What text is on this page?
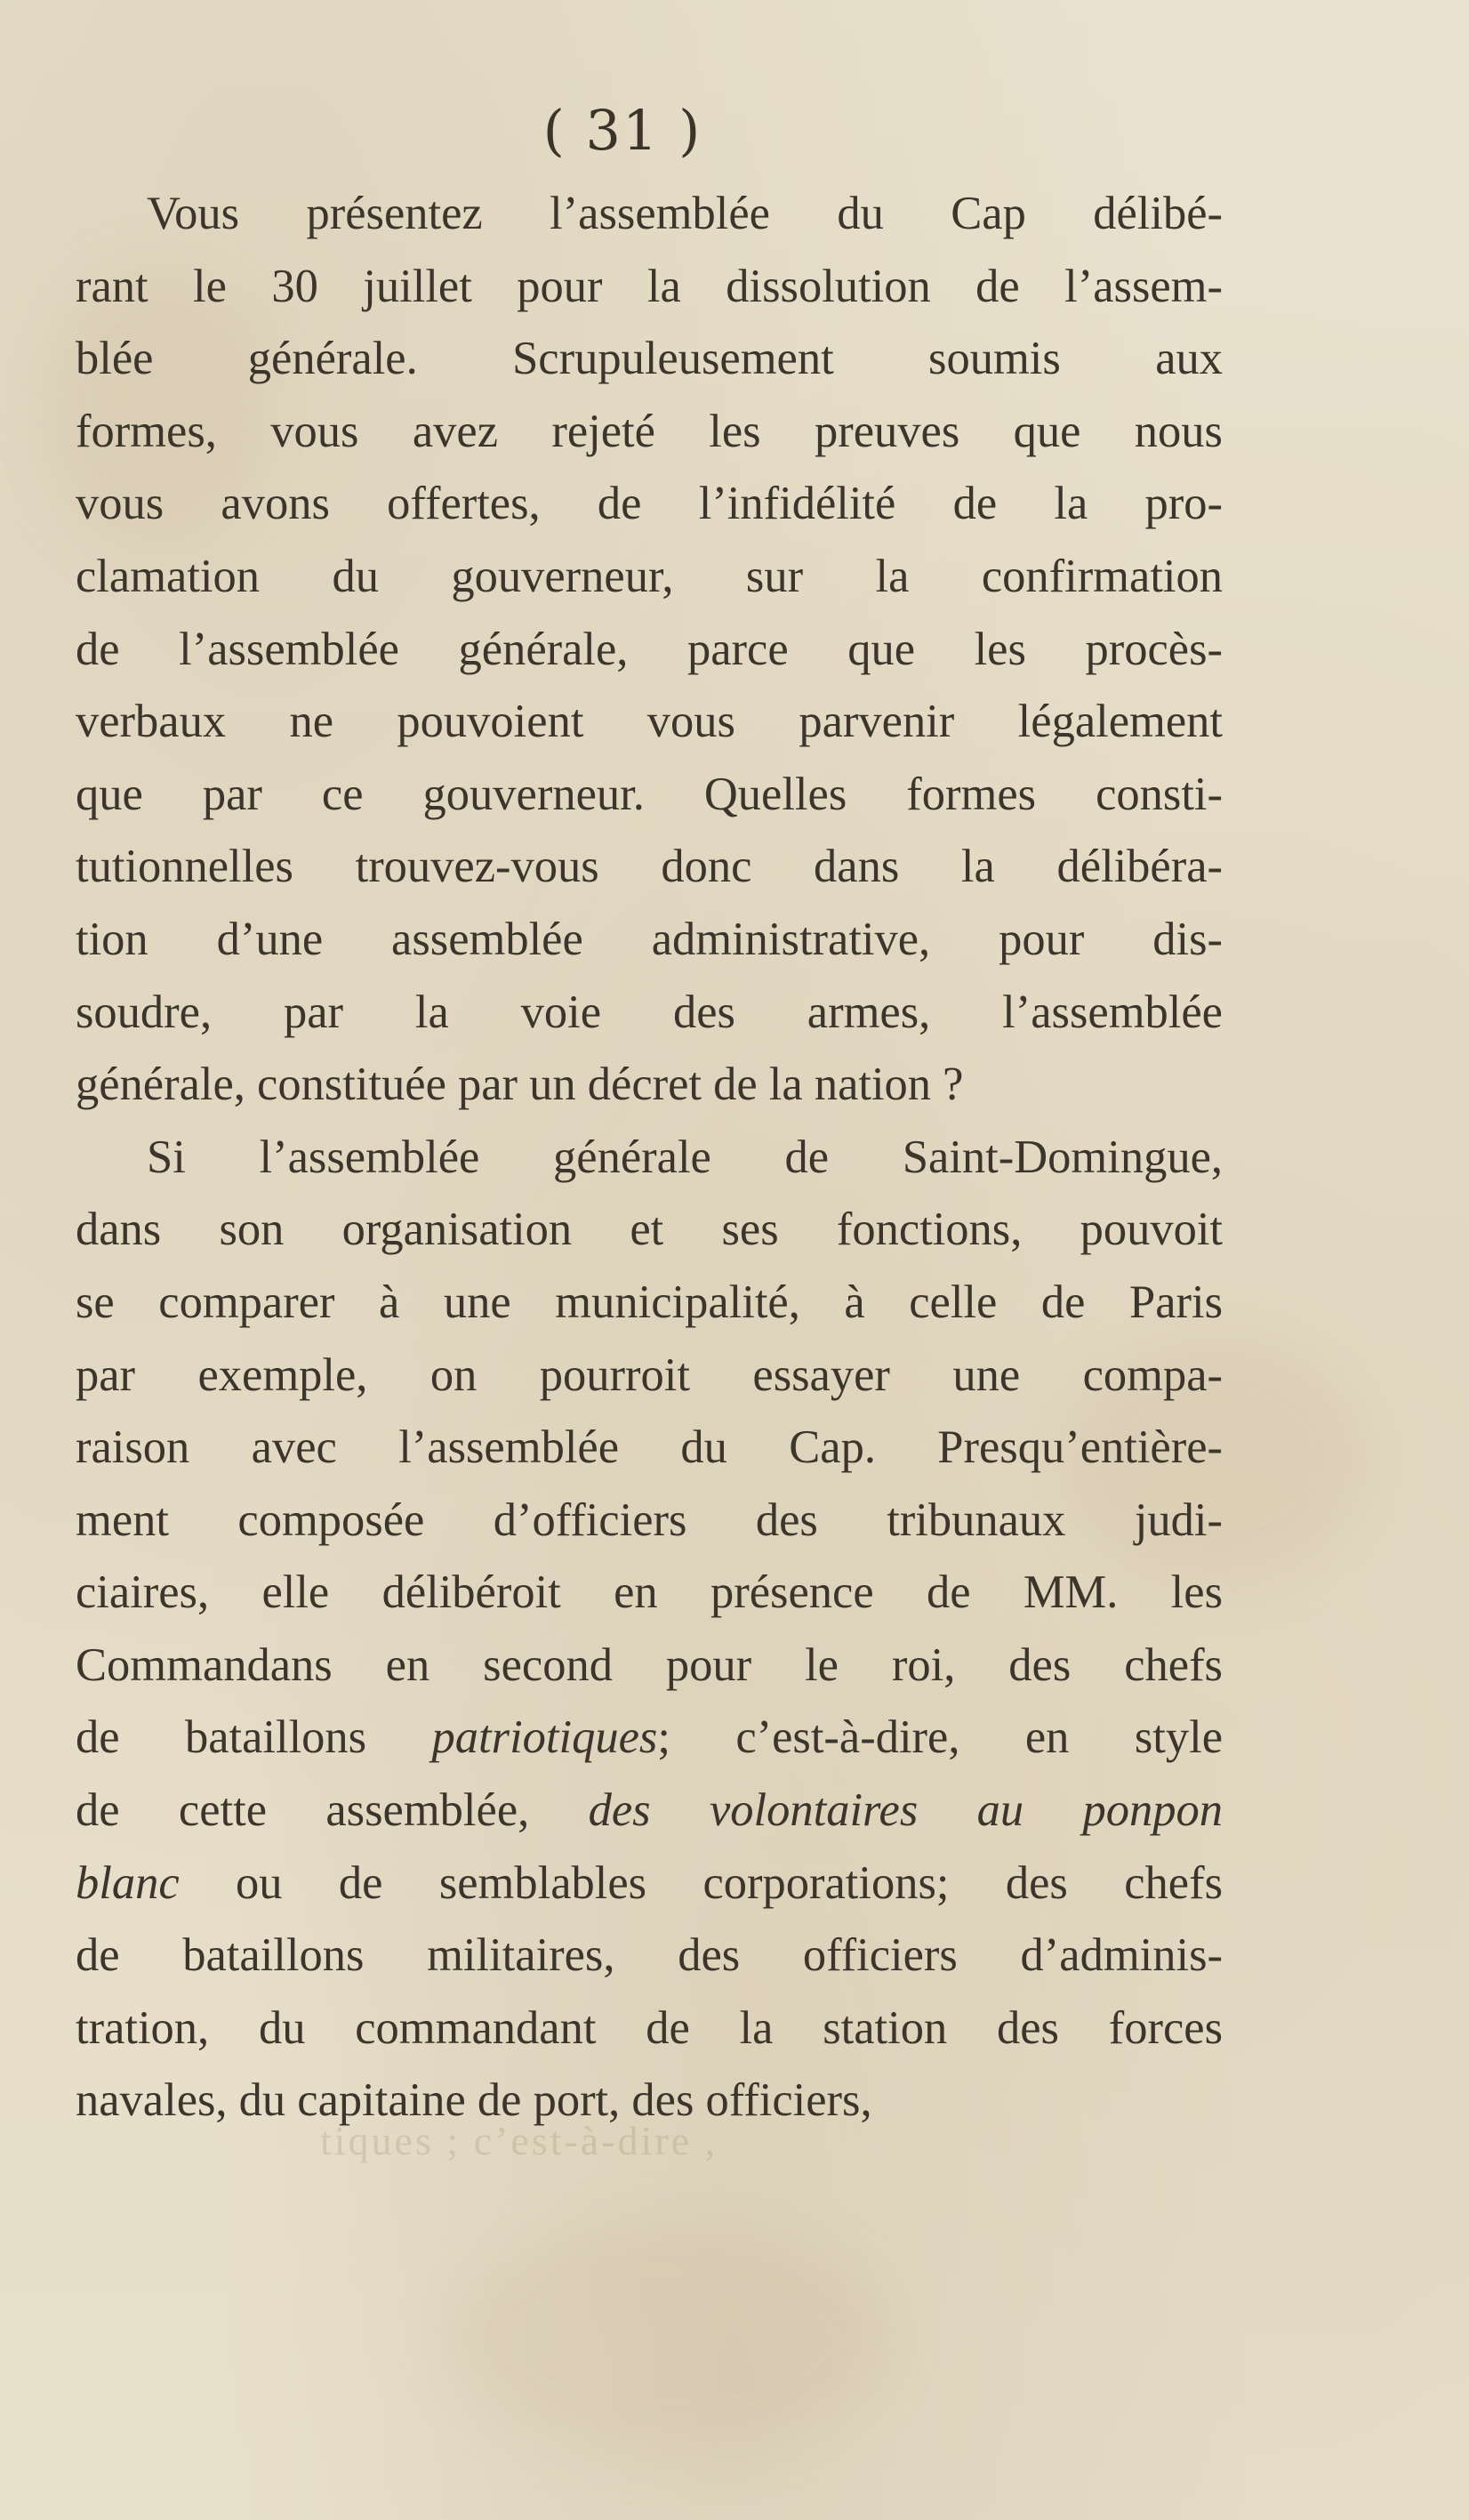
( 31 )
Vous présentez l’assemblée du Cap délibé-
rant le 30 juillet pour la dissolution de l’assem-
blée générale. Scrupuleusement soumis aux
formes, vous avez rejeté les preuves que nous
vous avons offertes, de l’infidélité de la pro-
clamation du gouverneur, sur la confirmation
de l’assemblée générale, parce que les procès-
verbaux ne pouvoient vous parvenir légalement
que par ce gouverneur. Quelles formes consti-
tutionnelles trouvez-vous donc dans la délibéra-
tion d’une assemblée administrative, pour dis-
soudre, par la voie des armes, l’assemblée
générale, constituée par un décret de la nation ?
Si l’assemblée générale de Saint-Domingue,
dans son organisation et ses fonctions, pouvoit
se comparer à une municipalité, à celle de Paris
par exemple, on pourroit essayer une compa-
raison avec l’assemblée du Cap. Presqu’entière-
ment composée d’officiers des tribunaux judi-
ciaires, elle délibéroit en présence de MM. les
Commandans en second pour le roi, des chefs
de bataillons patriotiques; c’est-à-dire, en style
de cette assemblée, des volontaires au ponpon
blanc ou de semblables corporations; des chefs
de bataillons militaires, des officiers d’adminis-
tration, du commandant de la station des forces
navales, du capitaine de port, des officiers,
tiques ; c’est-à-dire ,
